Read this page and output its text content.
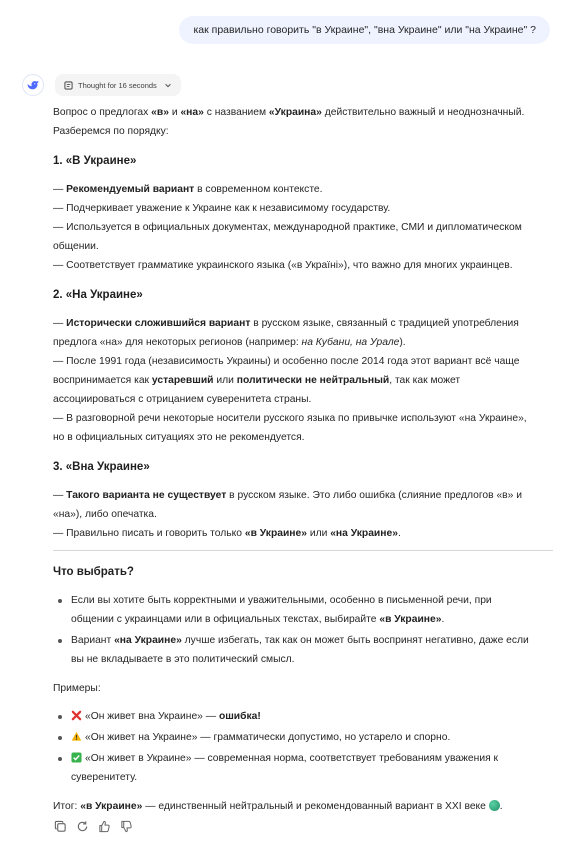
как правильно говорить "в Украине", "вна Украине" или "на Украине" ?
Thought for 16 seconds

Вопрос о предлогах «в» и «на» с названием «Украина» действительно важный и неоднозначный.

Разберемся по порядку:

1. «В Украине»

— Рекомендуемый вариант в современном контексте.

— Подчеркивает уважение к Украине как к независимому государству.

— Используется в официальных документах, международной практике, СМИ и дипломатическом

общении.

— Соответствует грамматике украинского языка («в Україні»), что важно для многих украинцев.

2. «На Украине»

— Исторически сложившийся вариант в русском языке, связанный с традицией употребления

предлога «на» для некоторых регионов (например: на Кубани, на Урале).

— После 1991 года (независимость Украины) и особенно после 2014 года этот вариант всё чаще

воспринимается как устаревший или политически не нейтральный, так как может

ассоциироваться с отрицанием суверенитета страны.

— В разговорной речи некоторые носители русского языка по привычке используют «на Украине»,

но в официальных ситуациях это не рекомендуется.

3. «Вна Украине»

— Такого варианта не существует в русском языке. Это либо ошибка (слияние предлогов «в» и

«на»), либо опечатка.

— Правильно писать и говорить только «в Украине» или «на Украине».

Что выбрать?

Если вы хотите быть корректными и уважительными, особенно в письменной речи, при

общении с украинцами или в официальных текстах, выбирайте «в Украине».

Вариант «на Украине» лучше избегать, так как он может быть воспринят негативно, даже если

вы не вкладываете в это политический смысл.

Примеры:

«Он живет вна Украине» — ошибка!

«Он живет на Украине» — грамматически допустимо, но устарело и спорно.

«Он живет в Украине» — современная норма, соответствует требованиям уважения к

суверенитету.

Итог: «в Украине» — единственный нейтральный и рекомендованный вариант в XXI веке .
